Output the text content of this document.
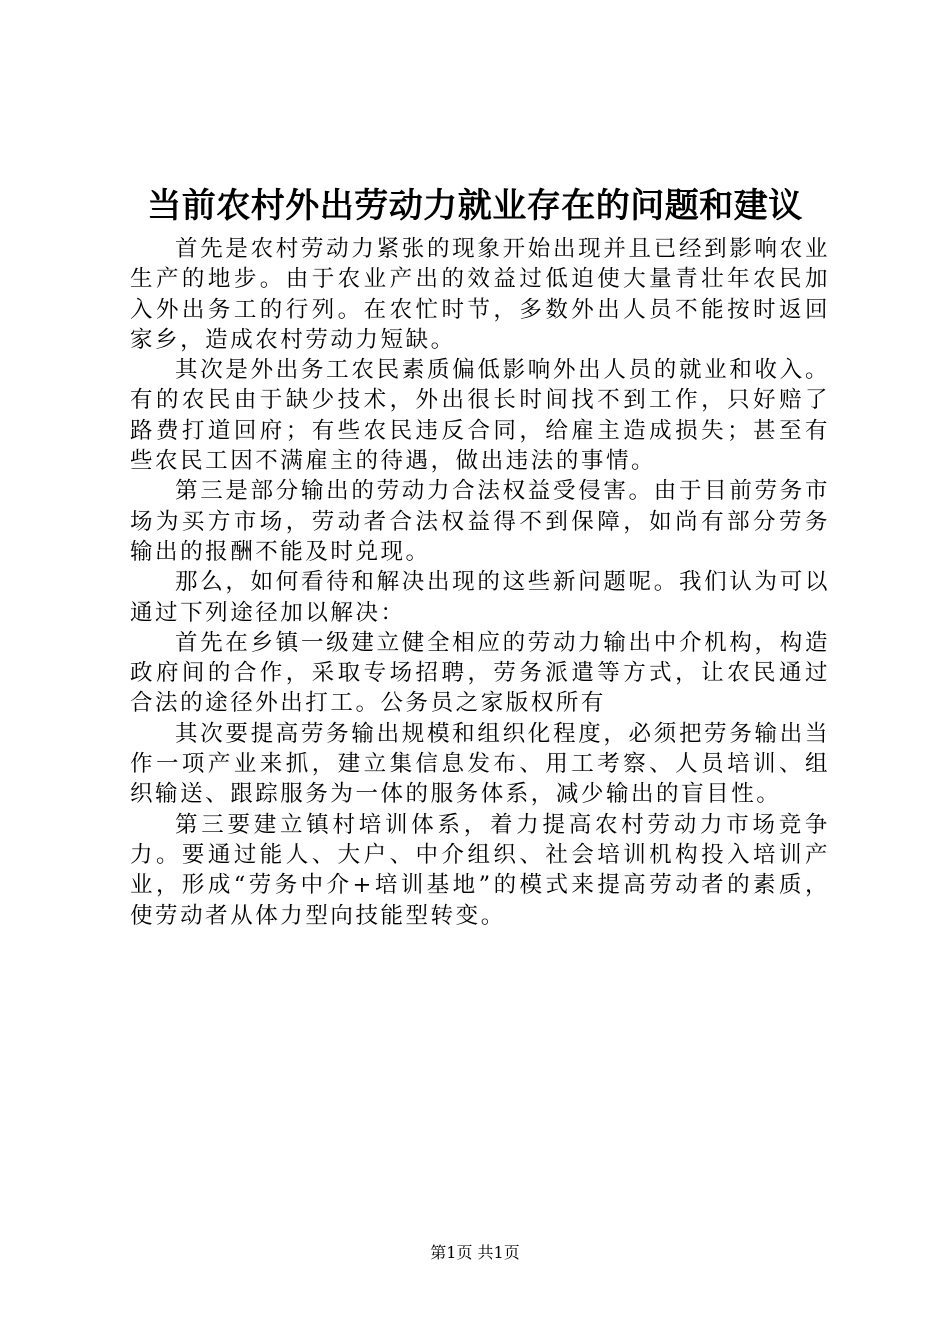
当前农村外出劳动力就业存在的问题和建议

首先是农村劳动力紧张的现象开始出现并且已经到影响农业生产的地步。由于农业产出的效益过低迫使大量青壮年农民加入外出务工的行列。在农忙时节，多数外出人员不能按时返回家乡，造成农村劳动力短缺。

其次是外出务工农民素质偏低影响外出人员的就业和收入。有的农民由于缺少技术，外出很长时间找不到工作，只好赔了路费打道回府；有些农民违反合同，给雇主造成损失；甚至有些农民工因不满雇主的待遇，做出违法的事情。

第三是部分输出的劳动力合法权益受侵害。由于目前劳务市场为买方市场，劳动者合法权益得不到保障，如尚有部分劳务输出的报酬不能及时兑现。

那么，如何看待和解决出现的这些新问题呢。我们认为可以通过下列途径加以解决：

首先在乡镇一级建立健全相应的劳动力输出中介机构，构造政府间的合作，采取专场招聘，劳务派遣等方式，让农民通过合法的途径外出打工。公务员之家版权所有

其次要提高劳务输出规模和组织化程度，必须把劳务输出当作一项产业来抓，建立集信息发布、用工考察、人员培训、组织输送、跟踪服务为一体的服务体系，减少输出的盲目性。

第三要建立镇村培训体系，着力提高农村劳动力市场竞争力。要通过能人、大户、中介组织、社会培训机构投入培训产业，形成“劳务中介+培训基地”的模式来提高劳动者的素质，使劳动者从体力型向技能型转变。

第1页 共1页
